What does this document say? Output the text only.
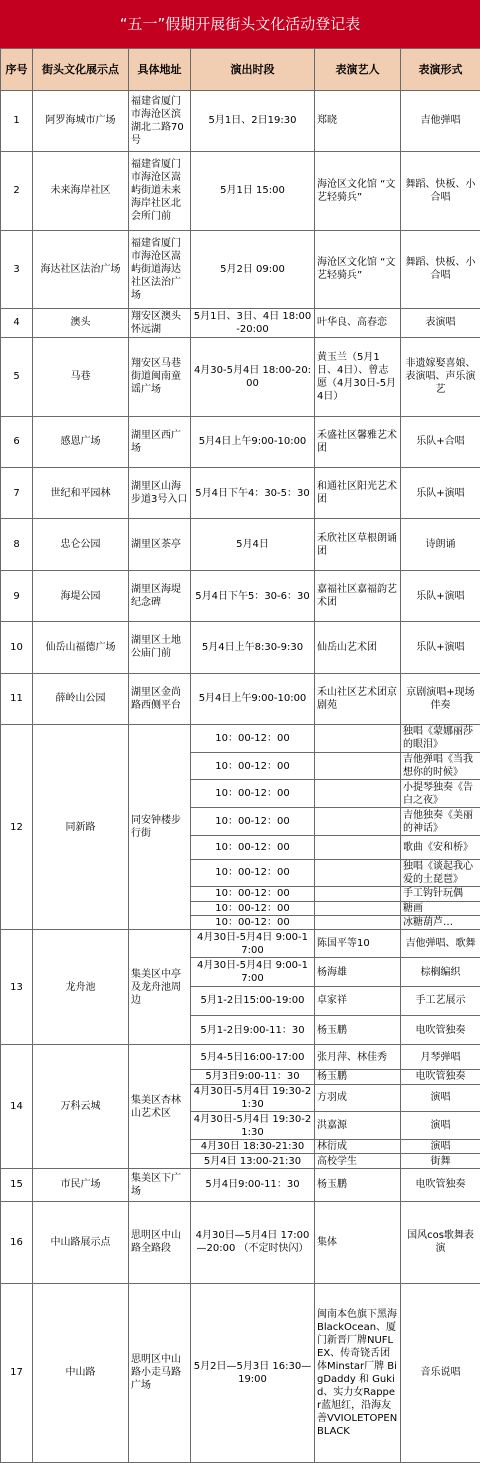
“五一”假期开展街头文化活动登记表
序号	街头文化展示点	具体地址	演出时段	表演艺人	表演形式
1	阿罗海城市广场	福建省厦门市海沧区滨湖北二路70号	5月1日、2日19:30	郑晓	吉他弹唱
2	未来海岸社区	福建省厦门市海沧区嵩屿街道未来海岸社区北会所门前	5月1日 15:00	海沧区文化馆 “文艺轻骑兵”	舞蹈、快板、小合唱
3	海达社区法治广场	福建省厦门市海沧区嵩屿街道海达社区法治广场	5月2日 09:00	海沧区文化馆 “文艺轻骑兵”	舞蹈、快板、小合唱
4	澳头	翔安区澳头怀远湖	5月1日、3日、4日 18:00-20:00	叶华良、高春恋	表演唱
5	马巷	翔安区马巷街道闽南童谣广场	4月30-5月4日 18:00-20:00	黄玉兰（5月1日、4日）、曾志愿（4月30日-5月4日）	非遗嫁娶喜娘、表演唱、声乐演艺
6	感恩广场	湖里区西广场	5月4日上午9:00-10:00	禾盛社区馨雅艺术团	乐队+合唱
7	世纪和平园林	湖里区山海步道3号入口	5月4日下午4：30-5：30	和通社区阳光艺术团	乐队+演唱
8	忠仑公园	湖里区茶亭	5月4日	禾欣社区草根朗诵团	诗朗诵
9	海堤公园	湖里区海堤纪念碑	5月4日下午5：30-6：30	嘉福社区嘉福韵艺术团	乐队+演唱
10	仙岳山福德广场	湖里区土地公庙门前	5月4日上午8:30-9:30	仙岳山艺术团	乐队+演唱
11	薛岭山公园	湖里区金尚路西侧平台	5月4日上午9:00-10:00	禾山社区艺术团京剧苑	京剧演唱+现场伴奏
12	同新路	同安钟楼步行街	10：00-12：00		独唱《蒙娜丽莎的眼泪》
			10：00-12：00		吉他弹唱《当我想你的时候》
			10：00-12：00		小提琴独奏《告白之夜》
			10：00-12：00		吉他独奏《美丽的神话》
			10：00-12：00		歌曲《安和桥》
			10：00-12：00		独唱《谈起我心爱的土琵琶》
			10：00-12：00		手工钩针玩偶
			10：00-12：00		糖画
			10：00-12：00		冰糖葫芦…
13	龙舟池	集美区中亭及龙舟池周边	4月30日-5月4日 9:00-17:00	陈国平等10	吉他弹唱、歌舞
			4月30日-5月4日 9:00-17:00	杨海雄	棕榈编织
			5月1-2日15:00-19:00	卓家祥	手工艺展示
			5月1-2日9:00-11：30	杨玉鹏	电吹管独奏
14	万科云城	集美区杏林山艺术区	5月4-5日16:00-17:00	张月萍、林佳秀	月琴弹唱
			5月3日9:00-11：30	杨玉鹏	电吹管独奏
			4月30日-5月4日 19:30-21:30	方羽成	演唱
			4月30日-5月4日 19:30-21:30	洪嘉源	演唱
			4月30日 18:30-21:30	林衍成	演唱
			5月4日 13:00-21:30	高校学生	街舞
15	市民广场	集美区下广场	5月4日9:00-11：30	杨玉鹏	电吹管独奏
16	中山路展示点	思明区中山路全路段	4月30日—5月4日 17:00—20:00 （不定时快闪）	集体	国风cos歌舞表演
17	中山路	思明区中山路小走马路广场	5月2日—5月3日 16:30—19:00	闽南本色旗下黑海BlackOcean、厦门新晋厂牌NUFLEX、传奇铙舌团体Minstar厂牌 BigDaddy 和 Gukid、实力女Rapper蓝旭红，沿海友善VVIOLETOPENBLACK	音乐说唱
